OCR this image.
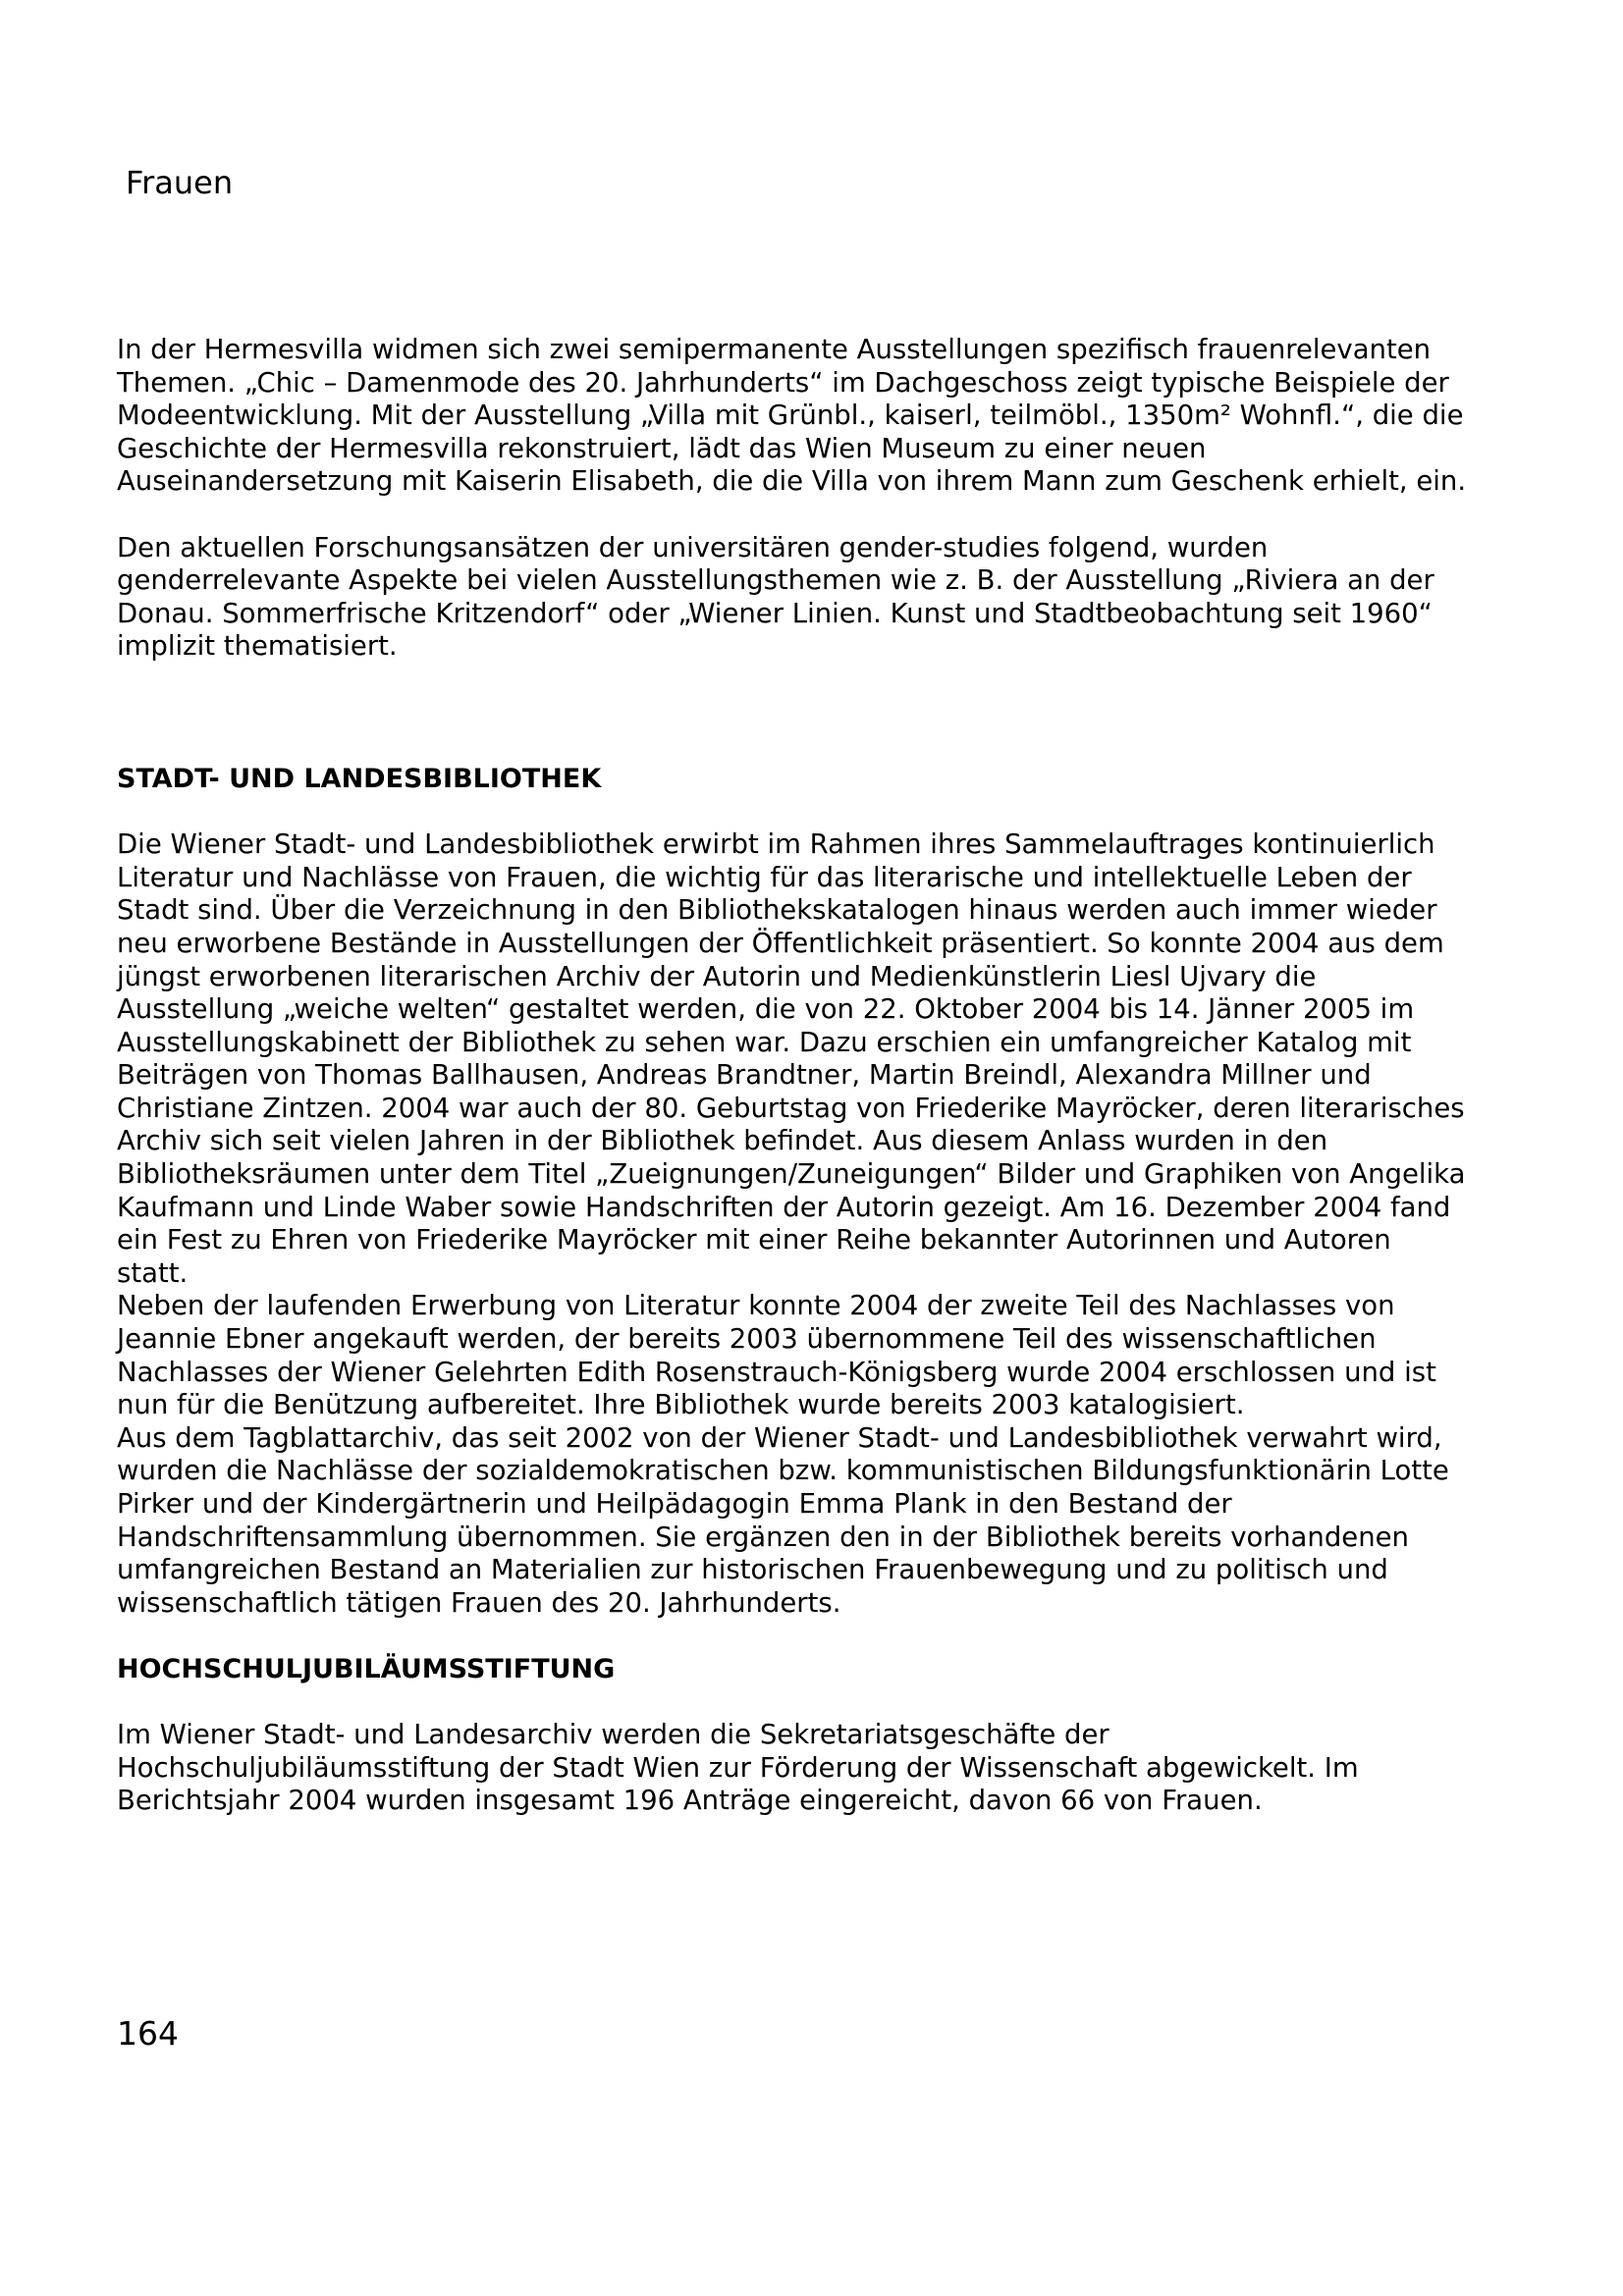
Frauen

In der Hermesvilla widmen sich zwei semipermanente Ausstellungen spezifisch frauenrelevanten
Themen. „Chic – Damenmode des 20. Jahrhunderts“ im Dachgeschoss zeigt typische Beispiele der
Modeentwicklung. Mit der Ausstellung „Villa mit Grünbl., kaiserl, teilmöbl., 1350m² Wohnfl.“, die die
Geschichte der Hermesvilla rekonstruiert, lädt das Wien Museum zu einer neuen
Auseinandersetzung mit Kaiserin Elisabeth, die die Villa von ihrem Mann zum Geschenk erhielt, ein.

Den aktuellen Forschungsansätzen der universitären gender-studies folgend, wurden
genderrelevante Aspekte bei vielen Ausstellungsthemen wie z. B. der Ausstellung „Riviera an der
Donau. Sommerfrische Kritzendorf“ oder „Wiener Linien. Kunst und Stadtbeobachtung seit 1960“
implizit thematisiert.

STADT- UND LANDESBIBLIOTHEK

Die Wiener Stadt- und Landesbibliothek erwirbt im Rahmen ihres Sammelauftrages kontinuierlich
Literatur und Nachlässe von Frauen, die wichtig für das literarische und intellektuelle Leben der
Stadt sind. Über die Verzeichnung in den Bibliothekskatalogen hinaus werden auch immer wieder
neu erworbene Bestände in Ausstellungen der Öffentlichkeit präsentiert. So konnte 2004 aus dem
jüngst erworbenen literarischen Archiv der Autorin und Medienkünstlerin Liesl Ujvary die
Ausstellung „weiche welten“ gestaltet werden, die von 22. Oktober 2004 bis 14. Jänner 2005 im
Ausstellungskabinett der Bibliothek zu sehen war. Dazu erschien ein umfangreicher Katalog mit
Beiträgen von Thomas Ballhausen, Andreas Brandtner, Martin Breindl, Alexandra Millner und
Christiane Zintzen. 2004 war auch der 80. Geburtstag von Friederike Mayröcker, deren literarisches
Archiv sich seit vielen Jahren in der Bibliothek befindet. Aus diesem Anlass wurden in den
Bibliotheksräumen unter dem Titel „Zueignungen/Zuneigungen“ Bilder und Graphiken von Angelika
Kaufmann und Linde Waber sowie Handschriften der Autorin gezeigt. Am 16. Dezember 2004 fand
ein Fest zu Ehren von Friederike Mayröcker mit einer Reihe bekannter Autorinnen und Autoren
statt.
Neben der laufenden Erwerbung von Literatur konnte 2004 der zweite Teil des Nachlasses von
Jeannie Ebner angekauft werden, der bereits 2003 übernommene Teil des wissenschaftlichen
Nachlasses der Wiener Gelehrten Edith Rosenstrauch-Königsberg wurde 2004 erschlossen und ist
nun für die Benützung aufbereitet. Ihre Bibliothek wurde bereits 2003 katalogisiert.
Aus dem Tagblattarchiv, das seit 2002 von der Wiener Stadt- und Landesbibliothek verwahrt wird,
wurden die Nachlässe der sozialdemokratischen bzw. kommunistischen Bildungsfunktionärin Lotte
Pirker und der Kindergärtnerin und Heilpädagogin Emma Plank in den Bestand der
Handschriftensammlung übernommen. Sie ergänzen den in der Bibliothek bereits vorhandenen
umfangreichen Bestand an Materialien zur historischen Frauenbewegung und zu politisch und
wissenschaftlich tätigen Frauen des 20. Jahrhunderts.

HOCHSCHULJUBILÄUMSSTIFTUNG

Im Wiener Stadt- und Landesarchiv werden die Sekretariatsgeschäfte der
Hochschuljubiläumsstiftung der Stadt Wien zur Förderung der Wissenschaft abgewickelt. Im
Berichtsjahr 2004 wurden insgesamt 196 Anträge eingereicht, davon 66 von Frauen.

164
